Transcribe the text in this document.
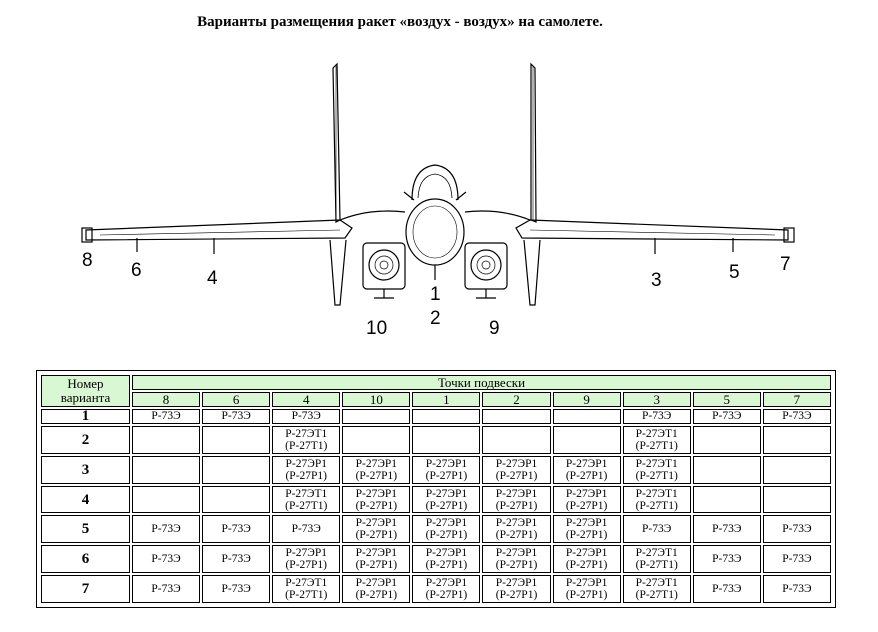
Варианты размещения ракет «воздух - воздух» на самолете.
8 6	4
10
1
2	9
3	5 7
Номер варианта	Точки подвески									
	8	6	4	10	1	2	9	3	5	7
1	Р-73Э	Р-73Э	Р-73Э					Р-73Э	Р-73Э	Р-73Э
2			Р-27ЭТ1
(Р-27Т1)					Р-27ЭТ1
(Р-27Т1)		
3			Р-27ЭР1
(Р-27Р1)	Р-27ЭР1
(Р-27Р1)	Р-27ЭР1
(Р-27Р1)	Р-27ЭР1
(Р-27Р1)	Р-27ЭР1
(Р-27Р1)	Р-27ЭТ1
(Р-27Т1)		
4			Р-27ЭТ1
(Р-27Т1)	Р-27ЭР1
(Р-27Р1)	Р-27ЭР1
(Р-27Р1)	Р-27ЭР1
(Р-27Р1)	Р-27ЭР1
(Р-27Р1)	Р-27ЭТ1
(Р-27Т1)		
5	Р-73Э	Р-73Э	Р-73Э	Р-27ЭР1
(Р-27Р1)	Р-27ЭР1
(Р-27Р1)	Р-27ЭР1
(Р-27Р1)	Р-27ЭР1
(Р-27Р1)	Р-73Э	Р-73Э	Р-73Э
6	Р-73Э	Р-73Э	Р-27ЭР1
(Р-27Р1)	Р-27ЭР1
(Р-27Р1)	Р-27ЭР1
(Р-27Р1)	Р-27ЭР1
(Р-27Р1)	Р-27ЭР1
(Р-27Р1)	Р-27ЭТ1
(Р-27Т1)	Р-73Э	Р-73Э
7	Р-73Э	Р-73Э	Р-27ЭТ1
(Р-27Т1)	Р-27ЭР1
(Р-27Р1)	Р-27ЭР1
(Р-27Р1)	Р-27ЭР1
(Р-27Р1)	Р-27ЭР1
(Р-27Р1)	Р-27ЭТ1
(Р-27Т1)	Р-73Э	Р-73Э
